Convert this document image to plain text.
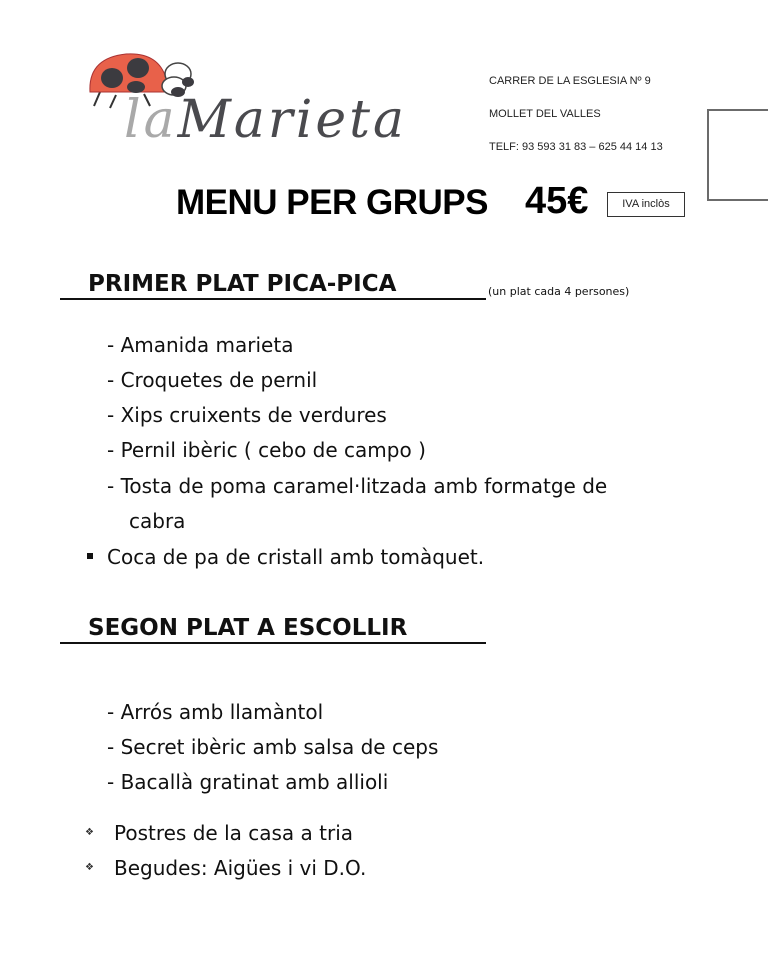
laMarieta
CARRER DE LA ESGLESIA Nº 9
MOLLET DEL VALLES
TELF: 93 593 31 83 – 625 44 14 13
MENU PER GRUPS 45€	IVA inclòs
PRIMER PLAT PICA-PICA	(un plat cada 4 persones)
- Amanida marieta
- Croquetes de pernil
- Xips cruixents de verdures
- Pernil ibèric ( cebo de campo )
- Tosta de poma caramel·litzada amb formatge de
cabra
Coca de pa de cristall amb tomàquet.
SEGON PLAT A ESCOLLIR
- Arrós amb llamàntol
- Secret ibèric amb salsa de ceps
- Bacallà gratinat amb allioli
❖ Postres de la casa a tria
❖ Begudes: Aigües i vi D.O.
